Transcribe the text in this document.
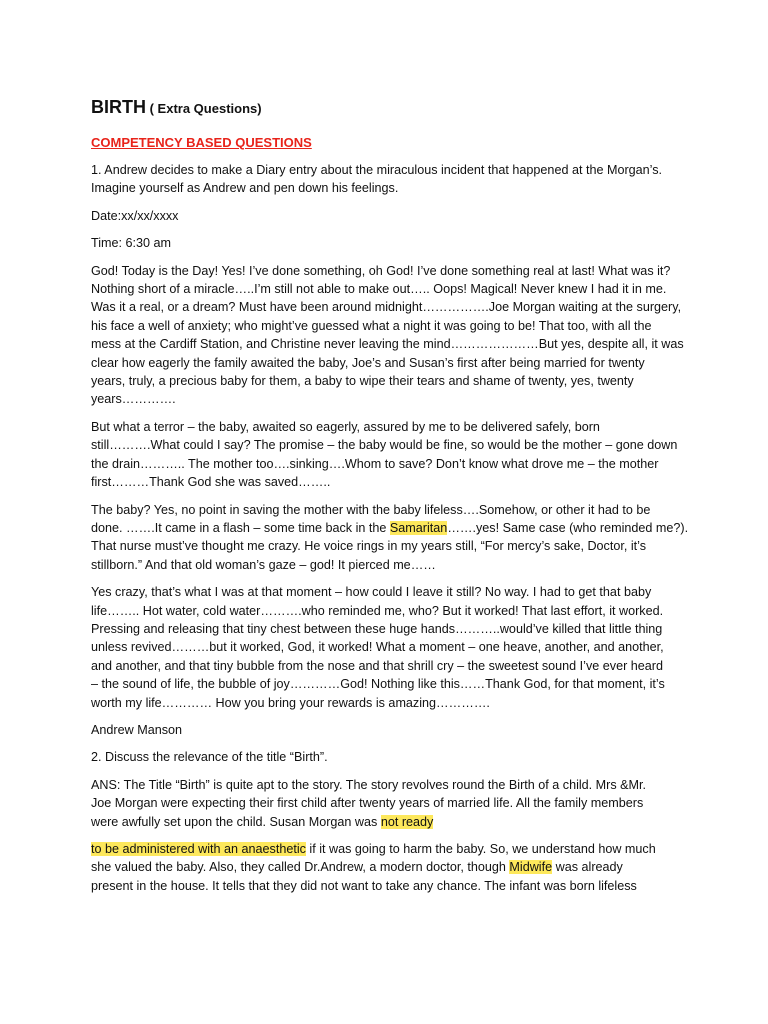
BIRTH ( Extra Questions)
COMPETENCY BASED QUESTIONS

1. Andrew decides to make a Diary entry about the miraculous incident that happened at the Morgan’s.
Imagine yourself as Andrew and pen down his feelings.

Date:xx/xx/xxxx

Time: 6:30 am

God! Today is the Day! Yes! I’ve done something, oh God! I’ve done something real at last! What was it?
Nothing short of a miracle…..I’m still not able to make out….. Oops! Magical! Never knew I had it in me.
Was it a real, or a dream? Must have been around midnight…………….Joe Morgan waiting at the surgery,
his face a well of anxiety; who might’ve guessed what a night it was going to be! That too, with all the
mess at the Cardiff Station, and Christine never leaving the mind…………………But yes, despite all, it was
clear how eagerly the family awaited the baby, Joe’s and Susan’s first after being married for twenty
years, truly, a precious baby for them, a baby to wipe their tears and shame of twenty, yes, twenty
years………….

But what a terror – the baby, awaited so eagerly, assured by me to be delivered safely, born
still……….What could I say? The promise – the baby would be fine, so would be the mother – gone down
the drain……….. The mother too….sinking….Whom to save? Don’t know what drove me – the mother
first………Thank God she was saved……..

The baby? Yes, no point in saving the mother with the baby lifeless….Somehow, or other it had to be
done. …….It came in a flash – some time back in the Samaritan…….yes! Same case (who reminded me?).
That nurse must’ve thought me crazy. He voice rings in my years still, “For mercy’s sake, Doctor, it’s
stillborn.” And that old woman’s gaze – god! It pierced me……

Yes crazy, that’s what I was at that moment – how could I leave it still? No way. I had to get that baby
life…….. Hot water, cold water……….who reminded me, who? But it worked! That last effort, it worked.
Pressing and releasing that tiny chest between these huge hands………..would’ve killed that little thing
unless revived………but it worked, God, it worked! What a moment – one heave, another, and another,
and another, and that tiny bubble from the nose and that shrill cry – the sweetest sound I’ve ever heard
– the sound of life, the bubble of joy…………God! Nothing like this……Thank God, for that moment, it’s
worth my life………… How you bring your rewards is amazing………….

Andrew Manson

2. Discuss the relevance of the title “Birth”.

ANS: The Title “Birth” is quite apt to the story. The story revolves round the Birth of a child. Mrs &Mr.
Joe Morgan were expecting their first child after twenty years of married life. All the family members
were awfully set upon the child. Susan Morgan was not ready

to be administered with an anaesthetic if it was going to harm the baby. So, we understand how much
she valued the baby. Also, they called Dr.Andrew, a modern doctor, though Midwife was already
present in the house. It tells that they did not want to take any chance. The infant was born lifeless
